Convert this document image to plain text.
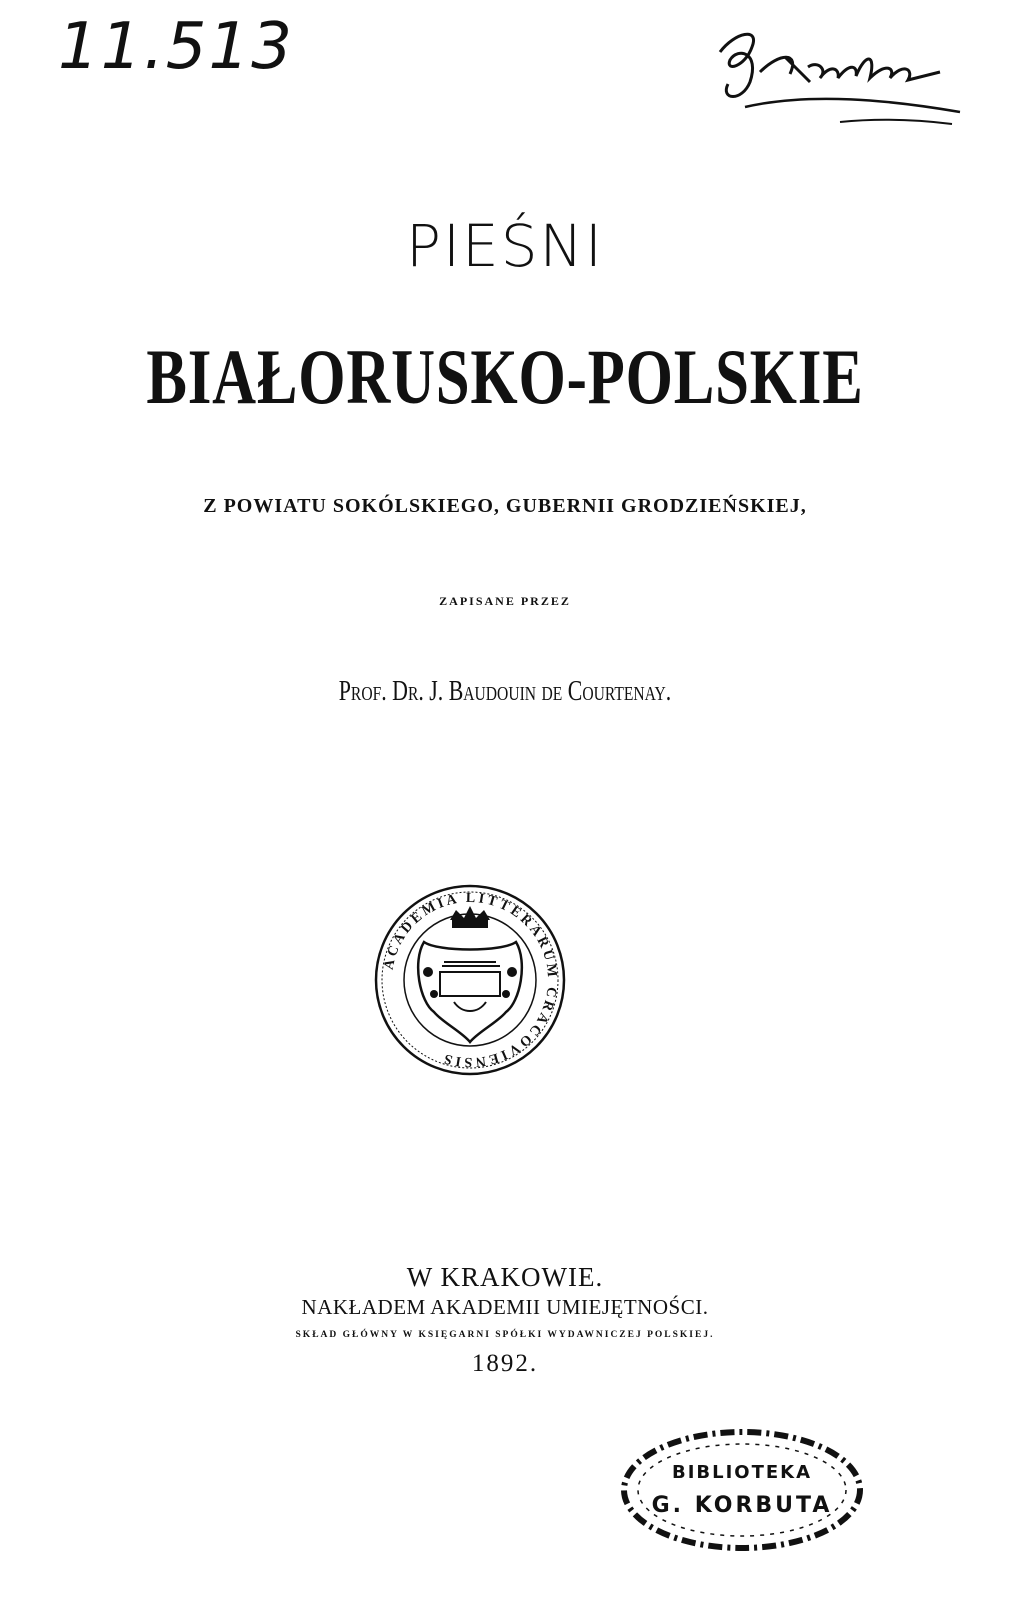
11.513
PIEŚNI
BIAŁORUSKO-POLSKIE
Z POWIATU SOKÓLSKIEGO, GUBERNII GRODZIEŃSKIEJ,
ZAPISANE PRZEZ
Prof. Dr. J. Baudouin de Courtenay.
ACADEMIA LITTERARUM CRACOVIENSIS
W KRAKOWIE.
NAKŁADEM AKADEMII UMIEJĘTNOŚCI.
SKŁAD GŁÓWNY W KSIĘGARNI SPÓŁKI WYDAWNICZEJ POLSKIEJ.
1892.
BIBLIOTEKA
G. KORBUTA
